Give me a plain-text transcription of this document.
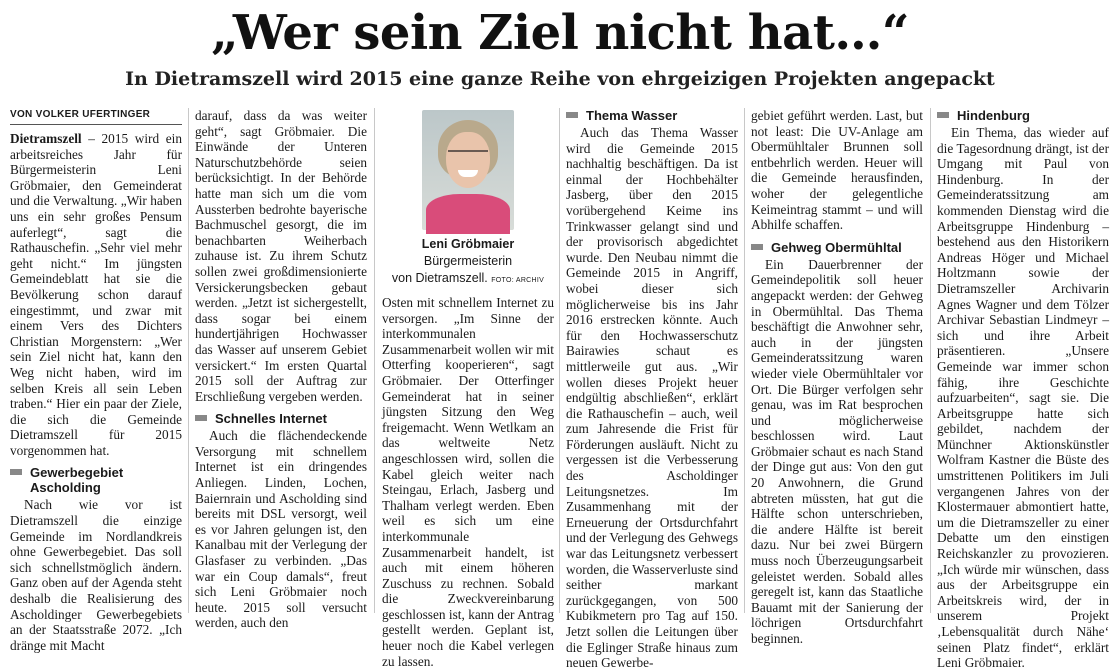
„Wer sein Ziel nicht hat…“
In Dietramszell wird 2015 eine ganze Reihe von ehrgeizigen Projekten angepackt
VON VOLKER UFERTINGER

Dietramszell – 2015 wird ein arbeitsreiches Jahr für Bürgermeisterin Leni Gröbmaier, den Gemeinderat und die Verwaltung. „Wir haben uns ein sehr großes Pensum auferlegt“, sagt die Rathauschefin. „Sehr viel mehr geht nicht.“ Im jüngsten Gemeindeblatt hat sie die Bevölkerung schon darauf eingestimmt, und zwar mit einem Vers des Dichters Christian Morgenstern: „Wer sein Ziel nicht hat, kann den Weg nicht haben, wird im selben Kreis all sein Leben traben.“ Hier ein paar der Ziele, die sich die Gemeinde Dietramszell für 2015 vorgenommen hat.

Gewerbegebiet Ascholding

Nach wie vor ist Dietramszell die einzige Gemeinde im Nordlandkreis ohne Gewerbegebiet. Das soll sich schnellstmöglich ändern. Ganz oben auf der Agenda steht deshalb die Realisierung des Ascholdinger Gewerbegebiets an der Staatsstraße 2072. „Ich dränge mit Macht

darauf, dass da was weiter geht“, sagt Gröbmaier. Die Einwände der Unteren Naturschutzbehörde seien berücksichtigt. In der Behörde hatte man sich um die vom Aussterben bedrohte bayerische Bachmuschel gesorgt, die im benachbarten Weiherbach zuhause ist. Zu ihrem Schutz sollen zwei großdimensionierte Versickerungsbecken gebaut werden. „Jetzt ist sichergestellt, dass sogar bei einem hundertjährigen Hochwasser das Wasser auf unserem Gebiet versickert.“ Im ersten Quartal 2015 soll der Auftrag zur Erschließung vergeben werden.

Schnelles Internet

Auch die flächendeckende Versorgung mit schnellem Internet ist ein dringendes Anliegen. Linden, Lochen, Baiernrain und Ascholding sind bereits mit DSL versorgt, weil es vor Jahren gelungen ist, den Kanalbau mit der Verlegung der Glasfaser zu verbinden. „Das war ein Coup damals“, freut sich Leni Gröbmaier noch heute. 2015 soll versucht werden, auch den

Leni Gröbmaier
Bürgermeisterin
von Dietramszell. FOTO: ARCHIV

Osten mit schnellem Internet zu versorgen. „Im Sinne der interkommunalen Zusammenarbeit wollen wir mit Otterfing kooperieren“, sagt Gröbmaier. Der Otterfinger Gemeinderat hat in seiner jüngsten Sitzung den Weg freigemacht. Wenn Wetlkam an das weltweite Netz angeschlossen wird, sollen die Kabel gleich weiter nach Steingau, Erlach, Jasberg und Thalham verlegt werden. Eben weil es sich um eine interkommunale Zusammenarbeit handelt, ist auch mit einem höheren Zuschuss zu rechnen. Sobald die Zweckvereinbarung geschlossen ist, kann der Antrag gestellt werden. Geplant ist, heuer noch die Kabel verlegen zu lassen.

Thema Wasser

Auch das Thema Wasser wird die Gemeinde 2015 nachhaltig beschäftigen. Da ist einmal der Hochbehälter Jasberg, über den 2015 vorübergehend Keime ins Trinkwasser gelangt sind und der provisorisch abgedichtet wurde. Den Neubau nimmt die Gemeinde 2015 in Angriff, wobei dieser sich möglicherweise bis ins Jahr 2016 erstrecken könnte. Auch für den Hochwasserschutz Bairawies schaut es mittlerweile gut aus. „Wir wollen dieses Projekt heuer endgültig abschließen“, erklärt die Rathauschefin – auch, weil zum Jahresende die Frist für Förderungen ausläuft. Nicht zu vergessen ist die Verbesserung des Ascholdinger Leitungsnetzes. Im Zusammenhang mit der Erneuerung der Ortsdurchfahrt und der Verlegung des Gehwegs war das Leitungsnetz verbessert worden, die Wasserverluste sind seither markant zurückgegangen, von 500 Kubikmetern pro Tag auf 150. Jetzt sollen die Leitungen über die Eglinger Straße hinaus zum neuen Gewerbe-

gebiet geführt werden. Last, but not least: Die UV-Anlage am Obermühltaler Brunnen soll entbehrlich werden. Heuer will die Gemeinde herausfinden, woher der gelegentliche Keimeintrag stammt – und will Abhilfe schaffen.

Gehweg Obermühltal

Ein Dauerbrenner der Gemeindepolitik soll heuer angepackt werden: der Gehweg in Obermühltal. Das Thema beschäftigt die Anwohner sehr, auch in der jüngsten Gemeinderatssitzung waren wieder viele Obermühltaler vor Ort. Die Bürger verfolgen sehr genau, was im Rat besprochen und möglicherweise beschlossen wird. Laut Gröbmaier schaut es nach Stand der Dinge gut aus: Von den gut 20 Anwohnern, die Grund abtreten müssten, hat gut die Hälfte schon unterschrieben, die andere Hälfte ist bereit dazu. Nur bei zwei Bürgern muss noch Überzeugungsarbeit geleistet werden. Sobald alles geregelt ist, kann das Staatliche Bauamt mit der Sanierung der löchrigen Ortsdurchfahrt beginnen.

Hindenburg

Ein Thema, das wieder auf die Tagesordnung drängt, ist der Umgang mit Paul von Hindenburg. In der Gemeinderatssitzung am kommenden Dienstag wird die Arbeitsgruppe Hindenburg – bestehend aus den Historikern Andreas Höger und Michael Holtzmann sowie der Dietramszeller Archivarin Agnes Wagner und dem Tölzer Archivar Sebastian Lindmeyr – sich und ihre Arbeit präsentieren. „Unsere Gemeinde war immer schon fähig, ihre Geschichte aufzuarbeiten“, sagt sie. Die Arbeitsgruppe hatte sich gebildet, nachdem der Münchner Aktionskünstler Wolfram Kastner die Büste des umstrittenen Politikers im Juli vergangenen Jahres von der Klostermauer abmontiert hatte, um die Dietramszeller zu einer Debatte um den einstigen Reichskanzler zu provozieren. „Ich würde mir wünschen, dass aus der Arbeitsgruppe ein Arbeitskreis wird, der in unserem Projekt ‚Lebensqualität durch Nähe‘ seinen Platz findet“, erklärt Leni Gröbmaier.
